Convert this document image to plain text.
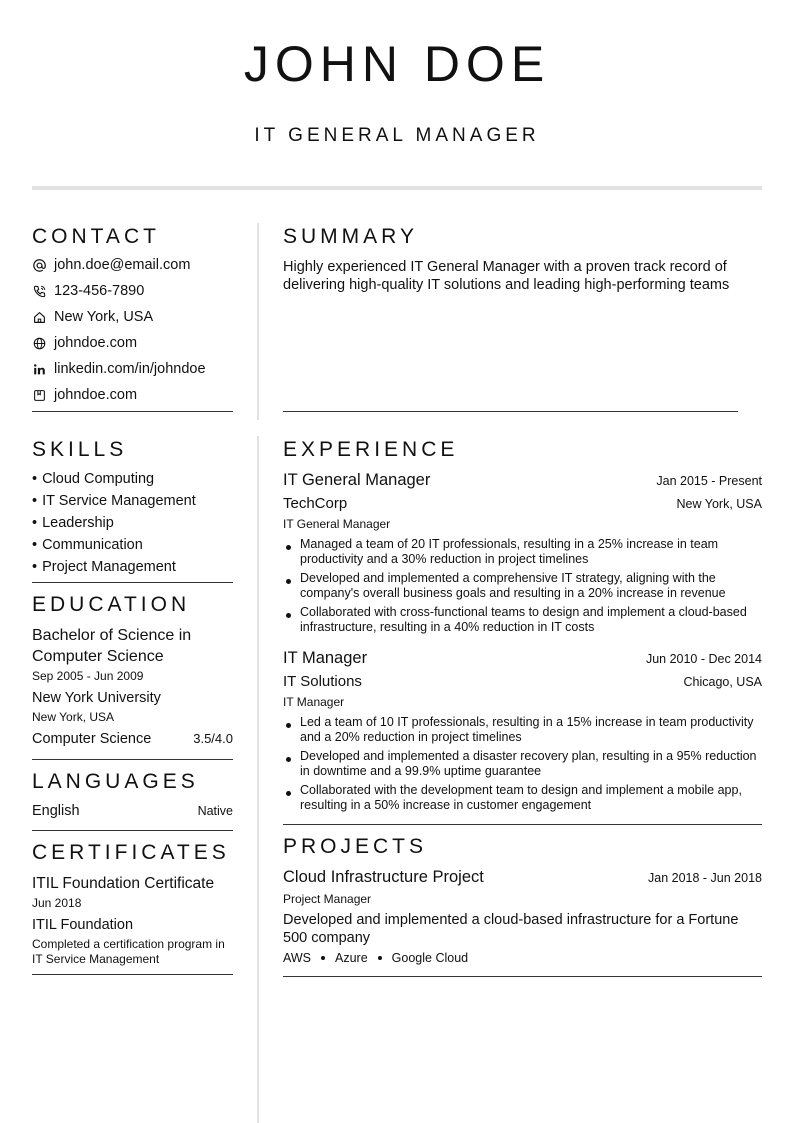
JOHN DOE
IT GENERAL MANAGER
CONTACT
john.doe@email.com
123-456-7890
New York, USA
johndoe.com
linkedin.com/in/johndoe
johndoe.com
SKILLS
• Cloud Computing
• IT Service Management
• Leadership
• Communication
• Project Management
EDUCATION
Bachelor of Science in Computer Science
Sep 2005 - Jun 2009
New York University
New York, USA
Computer Science	3.5/4.0
LANGUAGES
English	Native
CERTIFICATES
ITIL Foundation Certificate
Jun 2018
ITIL Foundation
Completed a certification program in IT Service Management
SUMMARY
Highly experienced IT General Manager with a proven track record of delivering high-quality IT solutions and leading high-performing teams
EXPERIENCE
IT General Manager	Jan 2015 - Present
TechCorp	New York, USA
IT General Manager
Managed a team of 20 IT professionals, resulting in a 25% increase in team productivity and a 30% reduction in project timelines
Developed and implemented a comprehensive IT strategy, aligning with the company's overall business goals and resulting in a 20% increase in revenue
Collaborated with cross-functional teams to design and implement a cloud-based infrastructure, resulting in a 40% reduction in IT costs
IT Manager	Jun 2010 - Dec 2014
IT Solutions	Chicago, USA
IT Manager
Led a team of 10 IT professionals, resulting in a 15% increase in team productivity and a 20% reduction in project timelines
Developed and implemented a disaster recovery plan, resulting in a 95% reduction in downtime and a 99.9% uptime guarantee
Collaborated with the development team to design and implement a mobile app, resulting in a 50% increase in customer engagement
PROJECTS
Cloud Infrastructure Project	Jan 2018 - Jun 2018
Project Manager
Developed and implemented a cloud-based infrastructure for a Fortune 500 company
AWS Azure Google Cloud
